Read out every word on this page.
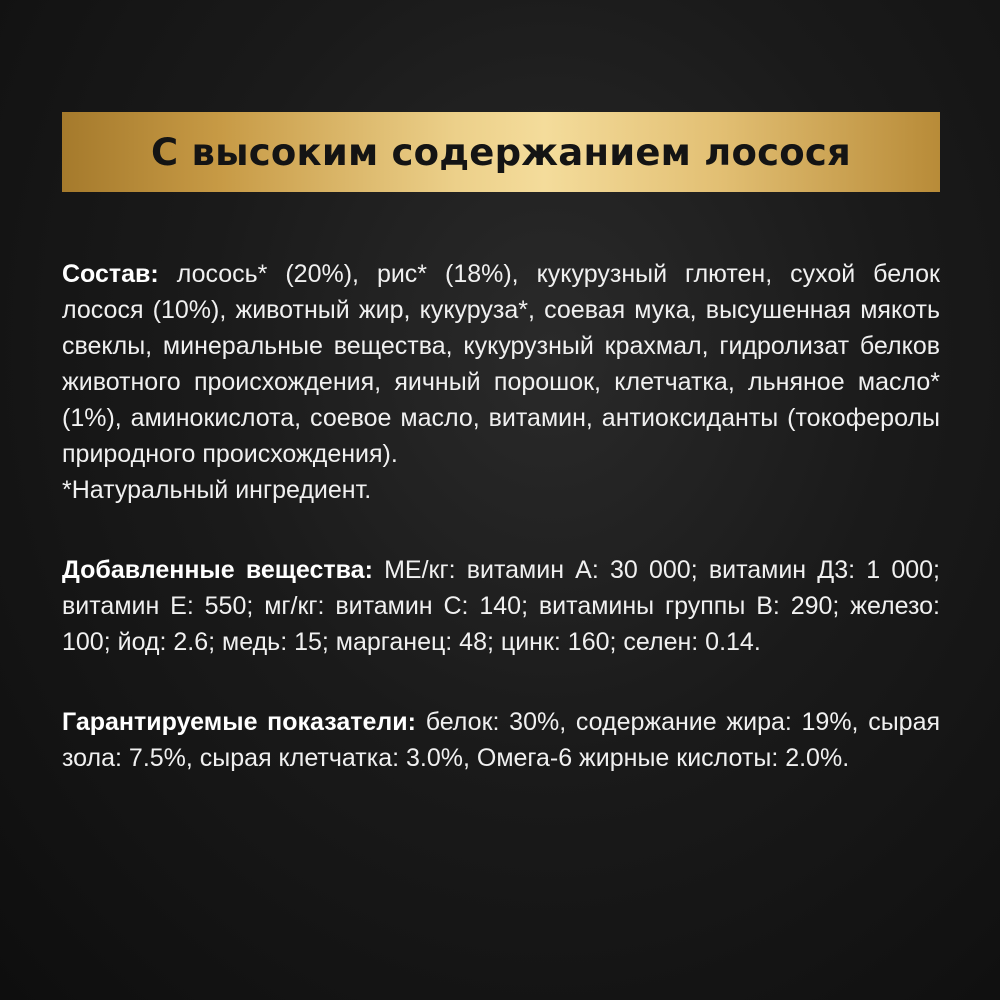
С высоким содержанием лосося

Состав: лосось* (20%), рис* (18%), кукурузный глютен, сухой белок лосося (10%), животный жир, кукуруза*, соевая мука, высушенная мякоть свеклы, минеральные вещества, кукурузный крахмал, гидролизат белков животного происхождения, яичный порошок, клетчатка, льняное масло* (1%), аминокислота, соевое масло, витамин, антиоксиданты (токоферолы природного происхождения).

*Натуральный ингредиент.

Добавленные вещества: МЕ/кг: витамин А: 30 000; витамин Д3: 1 000; витамин Е: 550; мг/кг: витамин С: 140; витамины группы В: 290; железо: 100; йод: 2.6; медь: 15; марганец: 48; цинк: 160; селен: 0.14.

Гарантируемые показатели: белок: 30%, содержание жира: 19%, сырая зола: 7.5%, сырая клетчатка: 3.0%, Омега-6 жирные кислоты: 2.0%.
